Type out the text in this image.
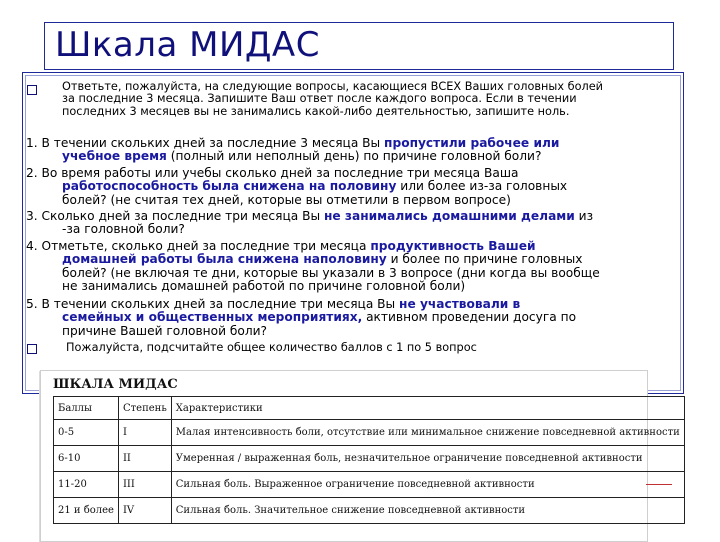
Шкала МИДАС
Ответьте, пожалуйста, на следующие вопросы, касающиеся ВСЕХ Ваших головных болей
за последние 3 месяца. Запишите Ваш ответ после каждого вопроса. Если в течении
последних 3 месяцев вы не занимались какой-либо деятельностью, запишите ноль.
1. В течении скольких дней за последние 3 месяца Вы пропустили рабочее или
учебное время (полный или неполный день) по причине головной боли?
2. Во время работы или учебы сколько дней за последние три месяца Ваша
работоспособность была снижена на половину или более из-за головных
болей? (не считая тех дней, которые вы отметили в первом вопросе)
3. Сколько дней за последние три месяца Вы не занимались домашними делами из
-за головной боли?
4. Отметьте, сколько дней за последние три месяца продуктивность Вашей
домашней работы была снижена наполовину и более по причине головных
болей? (не включая те дни, которые вы указали в 3 вопросе (дни когда вы вообще
не занимались домашней работой по причине головной боли)
5. В течении скольких дней за последние три месяца Вы не участвовали в
семейных и общественных мероприятиях, активном проведении досуга по
причине Вашей головной боли?
Пожалуйста, подсчитайте общее количество баллов с 1 по 5 вопрос
ШКАЛА МИДАС
Баллы	Степень	Характеристики
0-5	I	Малая интенсивность боли, отсутствие или минимальное снижение повседневной активности
6-10	II	Умеренная / выраженная боль, незначительное ограничение повседневной активности
11-20	III	Сильная боль. Выраженное ограничение повседневной активности
21 и более	IV	Сильная боль. Значительное снижение повседневной активности
